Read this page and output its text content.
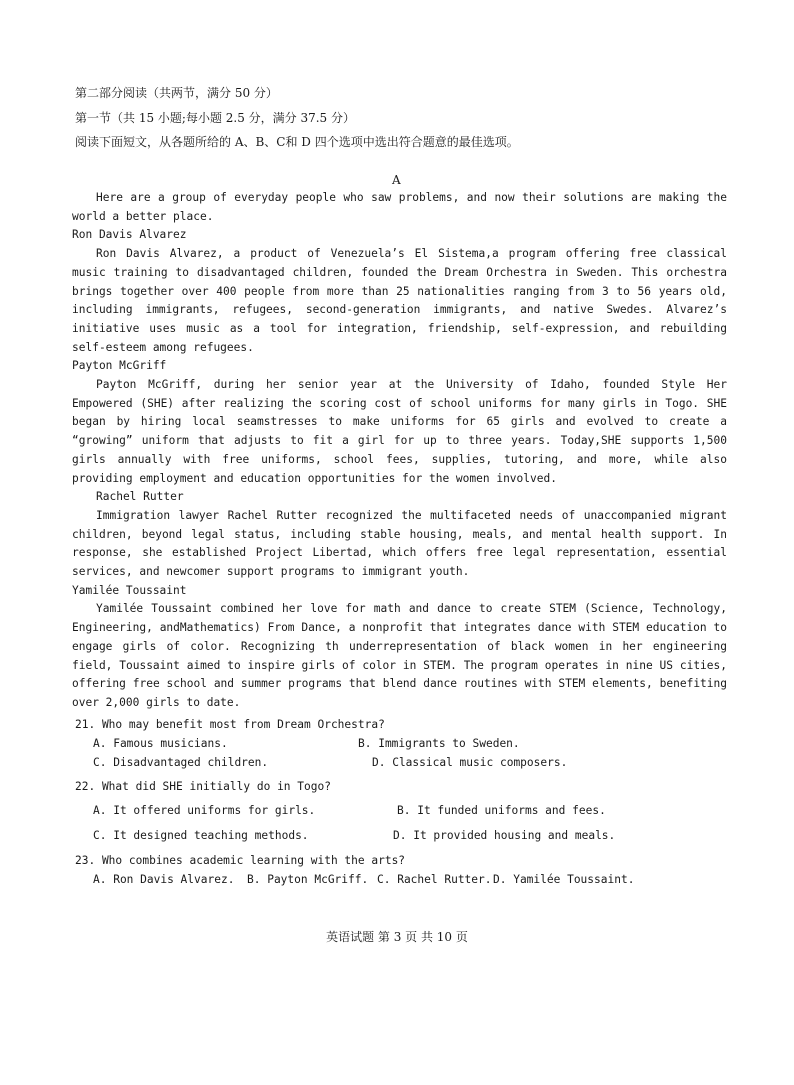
第二部分阅读（共两节，满分 50 分）
第一节（共 15 小题;每小题 2.5 分，满分 37.5 分）
阅读下面短文，从各题所给的 A、B、C和 D 四个选项中选出符合题意的最佳选项。
A

Here are a group of everyday people who saw problems, and now their solutions are making the world a better place.

Ron Davis Alvarez

Ron Davis Alvarez, a product of Venezuela’s El Sistema,a program offering free classical music training to disadvantaged children, founded the Dream Orchestra in Sweden. This orchestra brings together over 400 people from more than 25 nationalities ranging from 3 to 56 years old, including immigrants, refugees, second-generation immigrants, and native Swedes. Alvarez’s initiative uses music as a tool for integration, friendship, self-expression, and rebuilding self-esteem among refugees.

Payton McGriff

Payton McGriff, during her senior year at the University of Idaho, founded Style Her Empowered (SHE) after realizing the scoring cost of school uniforms for many girls in Togo. SHE began by hiring local seamstresses to make uniforms for 65 girls and evolved to create a “growing” uniform that adjusts to fit a girl for up to three years. Today,SHE supports 1,500 girls annually with free uniforms, school fees, supplies, tutoring, and more, while also providing employment and education opportunities for the women involved.

Rachel Rutter

Immigration lawyer Rachel Rutter recognized the multifaceted needs of unaccompanied migrant children, beyond legal status, including stable housing, meals, and mental health support. In response, she established Project Libertad, which offers free legal representation, essential services, and newcomer support programs to immigrant youth.

Yamilée Toussaint

Yamilée Toussaint combined her love for math and dance to create STEM (Science, Technology, Engineering, andMathematics) From Dance, a nonprofit that integrates dance with STEM education to engage girls of color. Recognizing th underrepresentation of black women in her engineering field, Toussaint aimed to inspire girls of color in STEM. The program operates in nine US cities, offering free school and summer programs that blend dance routines with STEM elements, benefiting over 2,000 girls to date.

21. Who may benefit most from Dream Orchestra?
A. Famous musicians.	B. Immigrants to Sweden.
C. Disadvantaged children.	D. Classical music composers.
22. What did SHE initially do in Togo?
A. It offered uniforms for girls.	B. It funded uniforms and fees.
C. It designed teaching methods.	D. It provided housing and meals.
23. Who combines academic learning with the arts?
A. Ron Davis Alvarez. B. Payton McGriff. C. Rachel Rutter. D. Yamilée Toussaint.
英语试题 第 3 页 共 10 页
